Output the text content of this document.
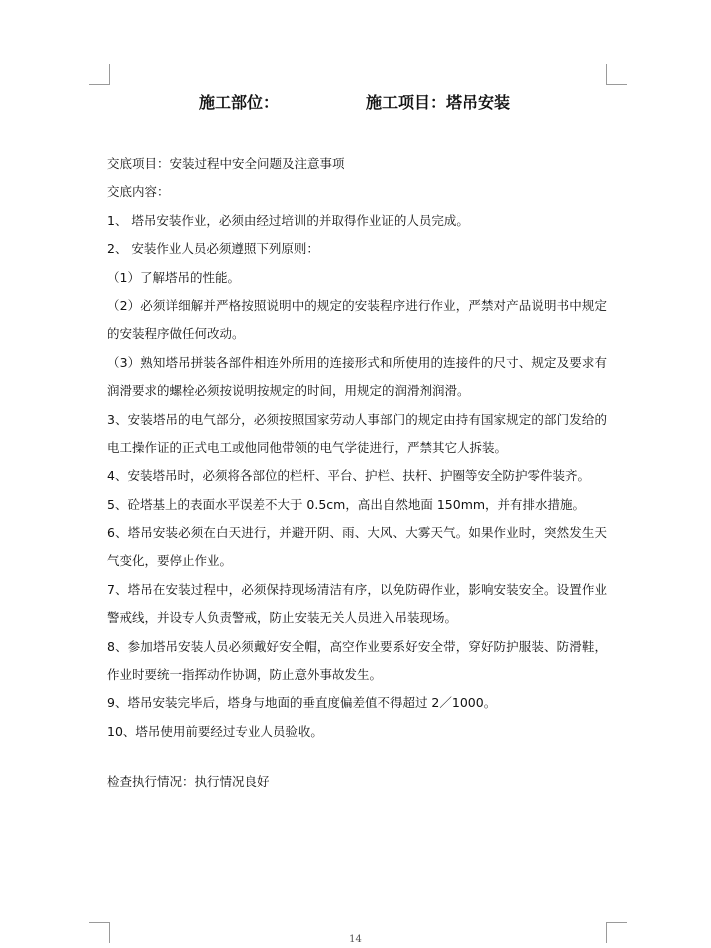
施工部位：	施工项目：塔吊安装
交底项目：安装过程中安全问题及注意事项
交底内容：
1、 塔吊安装作业，必须由经过培训的并取得作业证的人员完成。
2、 安装作业人员必须遵照下列原则：
（1）了解塔吊的性能。
（2）必须详细解并严格按照说明中的规定的安装程序进行作业，严禁对产品说明书中规定
的安装程序做任何改动。
（3）熟知塔吊拼装各部件相连外所用的连接形式和所使用的连接件的尺寸、规定及要求有
润滑要求的螺栓必须按说明按规定的时间，用规定的润滑剂润滑。
3、安装塔吊的电气部分，必须按照国家劳动人事部门的规定由持有国家规定的部门发给的
电工操作证的正式电工或他同他带领的电气学徒进行，严禁其它人拆装。
4、安装塔吊时，必须将各部位的栏杆、平台、护栏、扶杆、护圈等安全防护零件装齐。
5、砼塔基上的表面水平误差不大于 0.5cm，高出自然地面 150mm，并有排水措施。
6、塔吊安装必须在白天进行，并避开阴、雨、大风、大雾天气。如果作业时，突然发生天
气变化，要停止作业。
7、塔吊在安装过程中，必须保持现场清洁有序，以免防碍作业，影响安装安全。设置作业
警戒线，并设专人负责警戒，防止安装无关人员进入吊装现场。
8、参加塔吊安装人员必须戴好安全帽，高空作业要系好安全带，穿好防护服装、防滑鞋，
作业时要统一指挥动作协调，防止意外事故发生。
9、塔吊安装完毕后，塔身与地面的垂直度偏差值不得超过 2／1000。
10、塔吊使用前要经过专业人员验收。
检查执行情况：执行情况良好
14
